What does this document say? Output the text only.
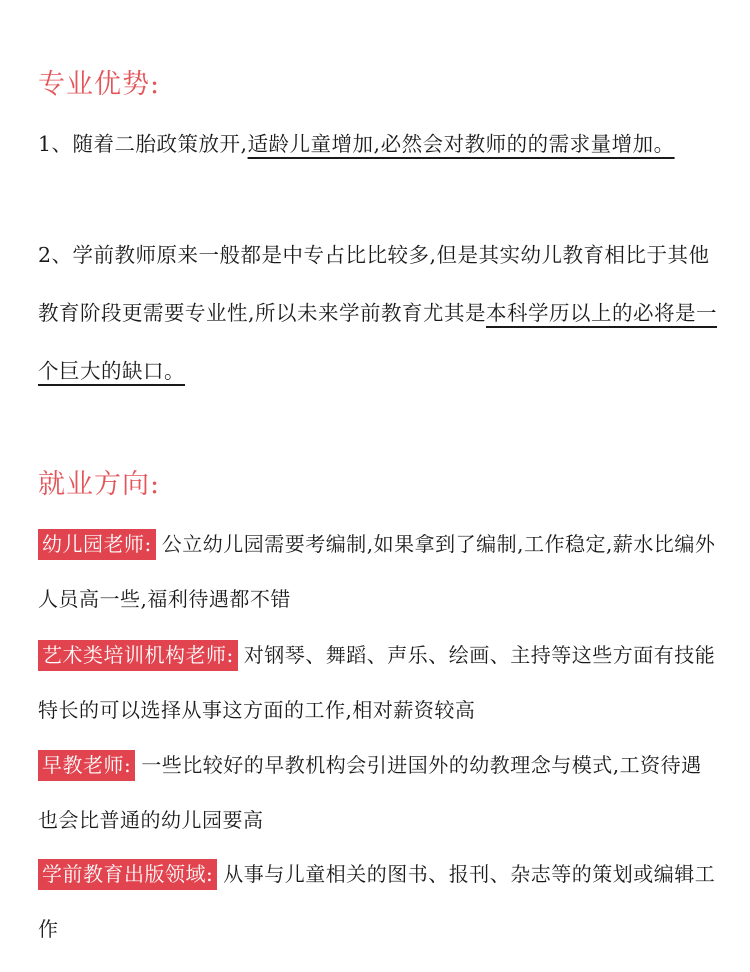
专业优势:

1、随着二胎政策放开,适龄儿童增加,必然会对教师的的需求量增加。

2、学前教师原来一般都是中专占比比较多,但是其实幼儿教育相比于其他教育阶段更需要专业性,所以未来学前教育尤其是本科学历以上的必将是一个巨大的缺口。

就业方向:

幼儿园老师: 公立幼儿园需要考编制,如果拿到了编制,工作稳定,薪水比编外人员高一些,福利待遇都不错

艺术类培训机构老师: 对钢琴、舞蹈、声乐、绘画、主持等这些方面有技能特长的可以选择从事这方面的工作,相对薪资较高

早教老师: 一些比较好的早教机构会引进国外的幼教理念与模式,工资待遇也会比普通的幼儿园要高

学前教育出版领域: 从事与儿童相关的图书、报刊、杂志等的策划或编辑工作
